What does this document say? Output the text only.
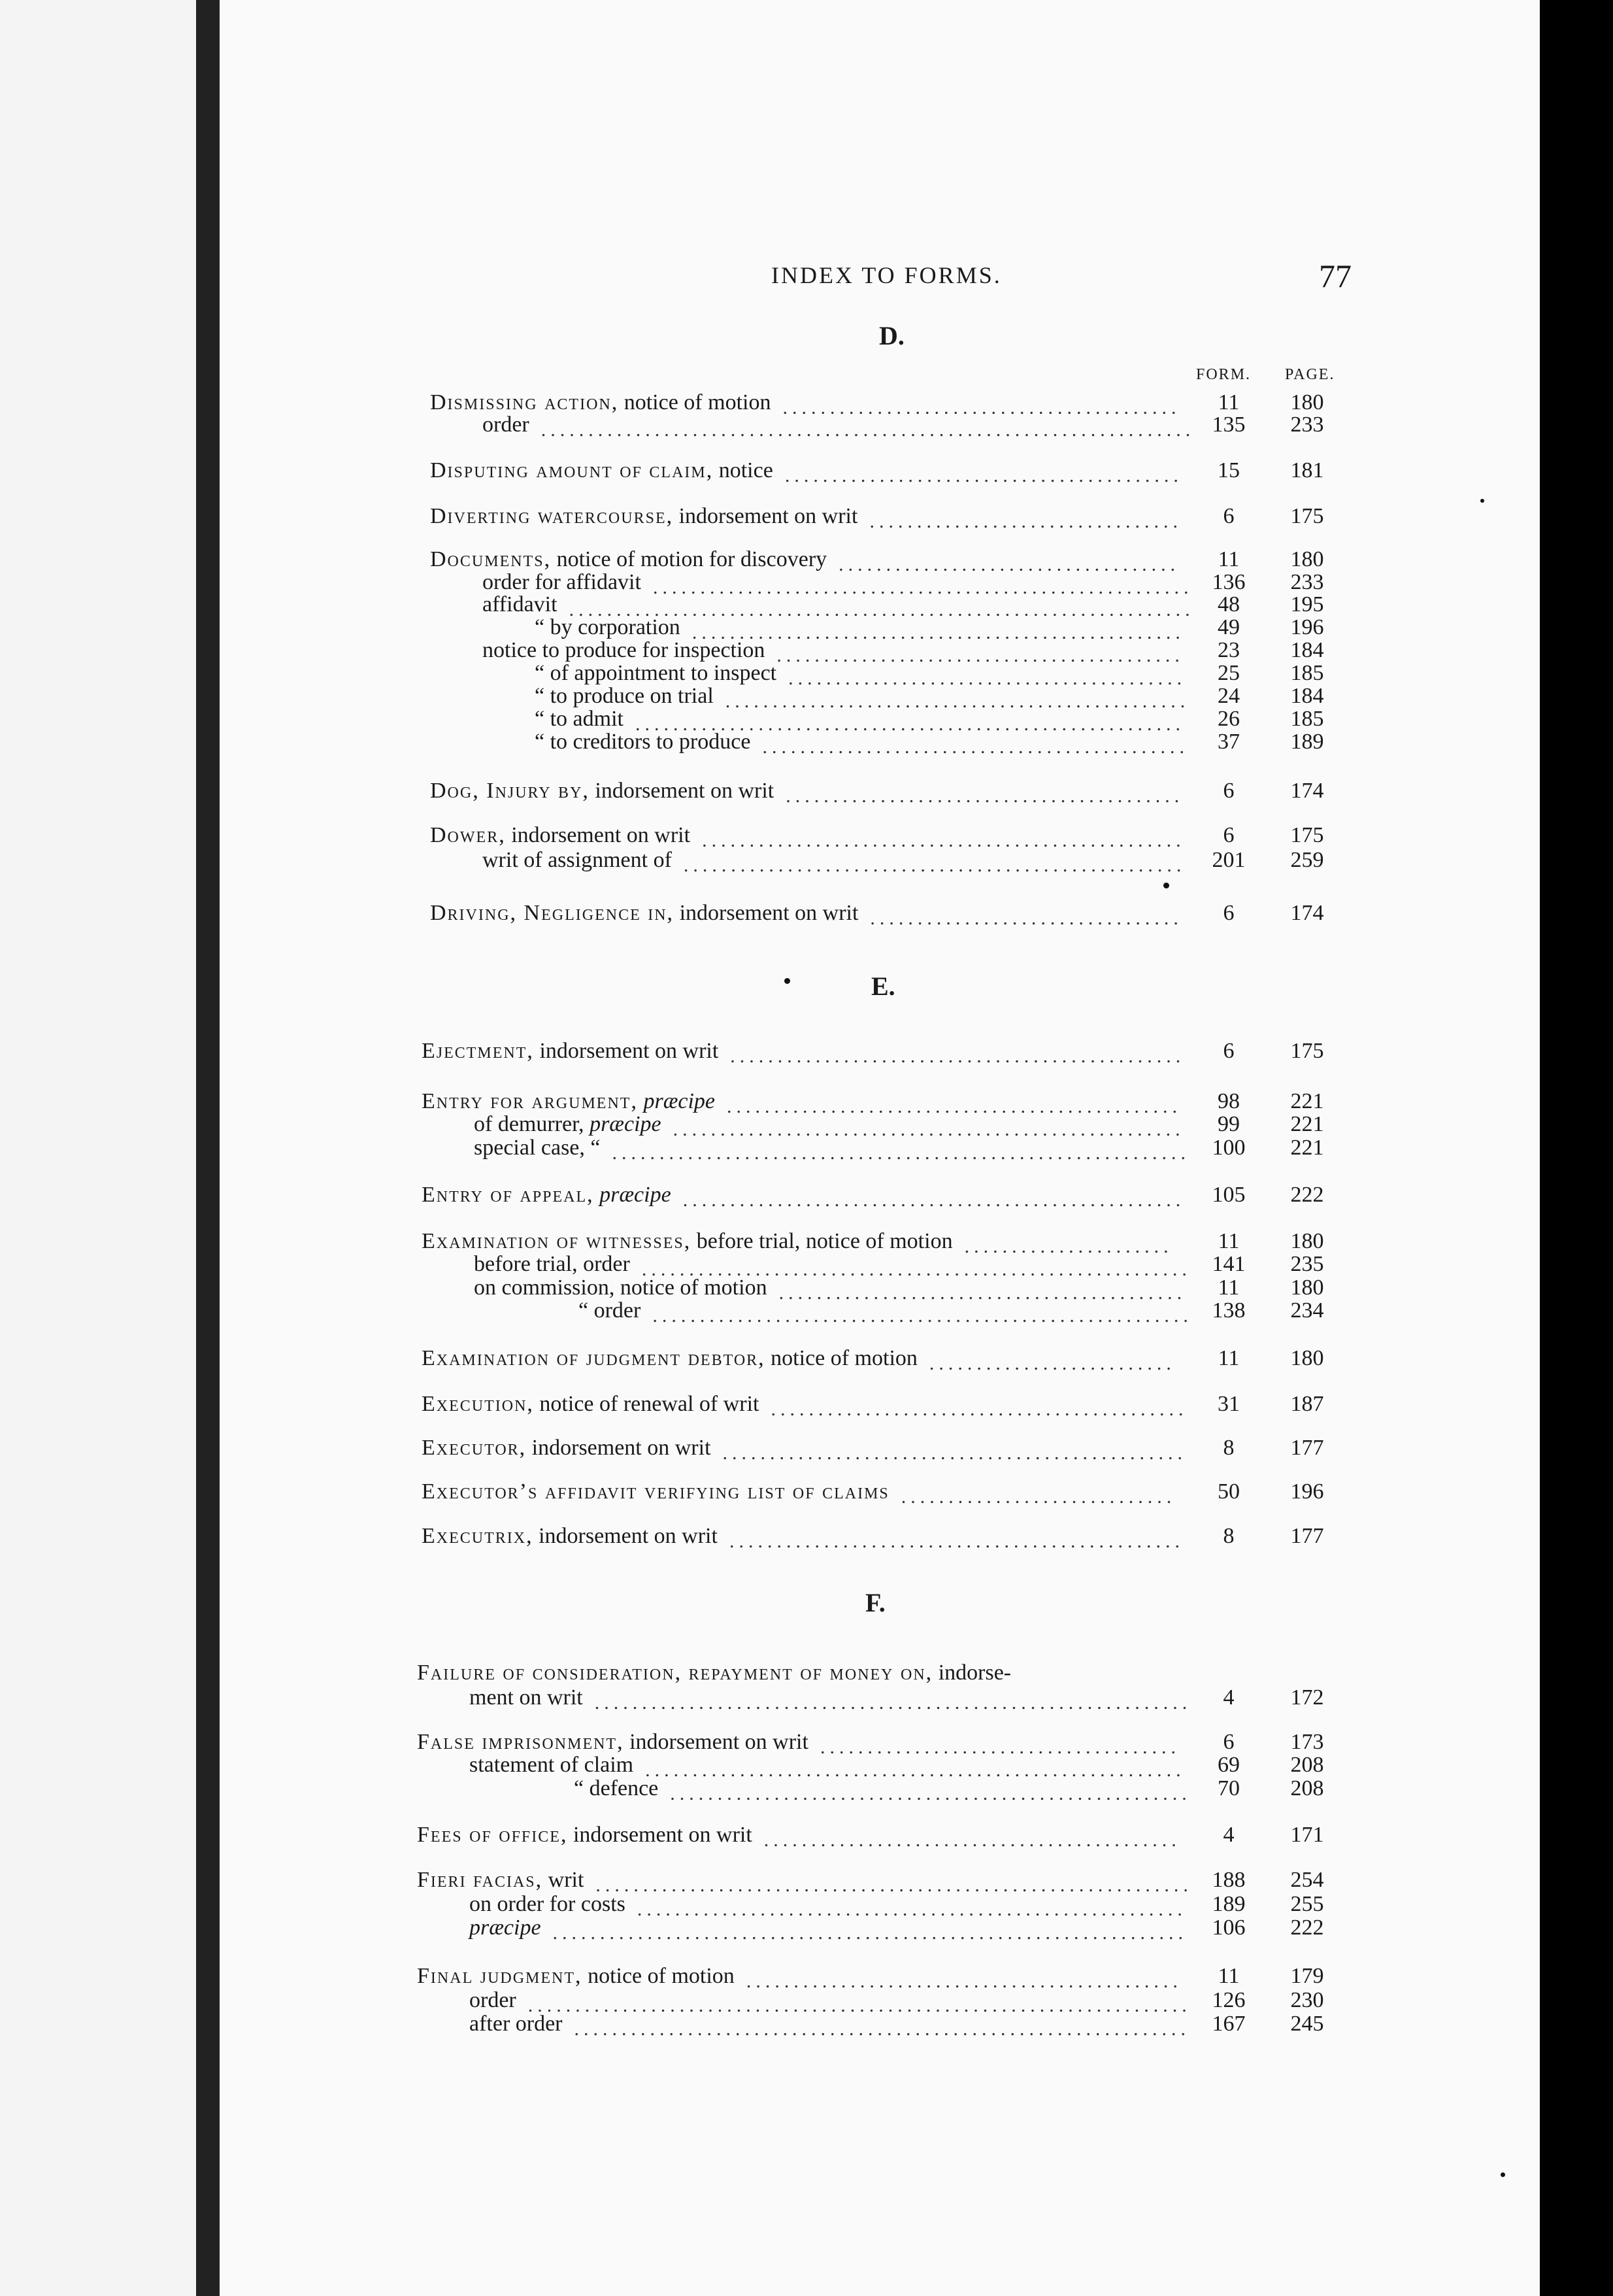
INDEX TO FORMS.	77
FORM. PAGE.
D.
Dismissing action, notice of motion	11	180
..........................................
order	135	233
.....................................................................
Disputing amount of claim, notice	15	181
..........................................
Diverting watercourse, indorsement on writ	6	175
.................................
Documents, notice of motion for discovery	11	180
....................................
order for affidavit	136	233
.........................................................
affidavit	48	195
..................................................................
“ by corporation	49	196
....................................................
notice to produce for inspection	23	184
...........................................
“ of appointment to inspect	25	185
..........................................
“ to produce on trial	24	184
.................................................
“ to admit	26	185
..........................................................
“ to creditors to produce	37	189
.............................................
Dog, Injury by, indorsement on writ	6	174
..........................................
Dower, indorsement on writ	6	175
...................................................
writ of assignment of	201	259
.....................................................
Driving, Negligence in, indorsement on writ	6	174
.................................
E.
Ejectment, indorsement on writ	6	175
................................................
Entry for argument, præcipe	98	221
................................................
of demurrer, præcipe	99	221
......................................................
special case, “	100	221
.............................................................
Entry of appeal, præcipe	105	222
.....................................................
Examination of witnesses, before trial, notice of motion	11	180
......................
before trial, order	141	235
..........................................................
on commission, notice of motion	11	180
...........................................
“ order	138	234
.........................................................
Examination of judgment debtor, notice of motion	11	180
..........................
Execution, notice of renewal of writ	31	187
............................................
Executor, indorsement on writ	8	177
.................................................
Executor’s affidavit verifying list of claims	50	196
.............................
Executrix, indorsement on writ	8	177
................................................
F.
Failure of consideration, repayment of money on, indorse-
ment on writ	4	172
...............................................................
False imprisonment, indorsement on writ	6	173
......................................
statement of claim	69	208
.........................................................
“ defence	70	208
.......................................................
Fees of office, indorsement on writ	4	171
............................................
Fieri facias, writ	188	254
...............................................................
on order for costs	189	255
..........................................................
præcipe	106	222
...................................................................
Final judgment, notice of motion	11	179
..............................................
order	126	230
......................................................................
after order	167	245
.................................................................
